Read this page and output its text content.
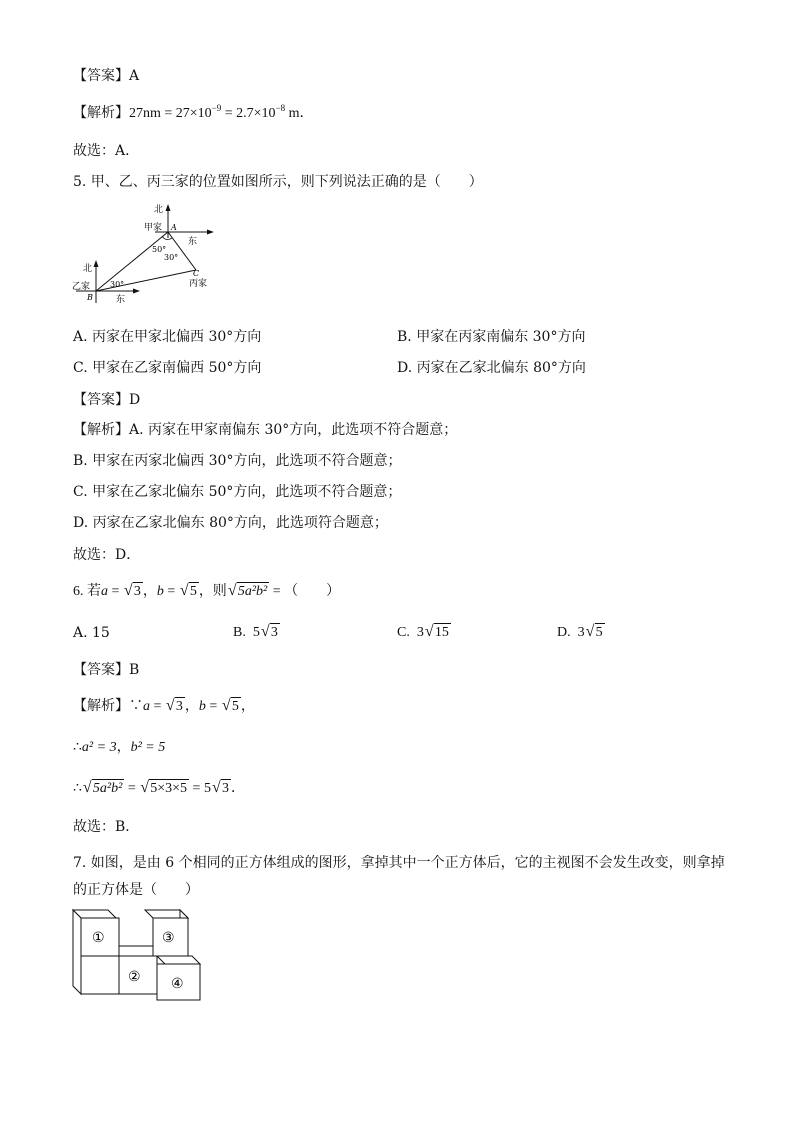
【答案】A
【解析】$27nm = 27\times 10^{-9} = 2.7\times 10^{-8}$ m．
故选：A．
5. 甲、乙、丙三家的位置如图所示，则下列说法正确的是（　　）
北
甲家 A
东
50°
30°
C
丙家
北
乙家 30°
B	东
A. 丙家在甲家北偏西 30°方向	B. 甲家在丙家南偏东 30°方向
C. 甲家在乙家南偏西 50°方向	D. 丙家在乙家北偏东 80°方向
【答案】D
【解析】A. 丙家在甲家南偏东 30°方向，此选项不符合题意；
B. 甲家在丙家北偏西 30°方向，此选项不符合题意；
C. 甲家在乙家北偏东 50°方向，此选项不符合题意；
D. 丙家在乙家北偏东 80°方向，此选项符合题意；
故选：D．
6. 若a = √ 3 ，b = √ 5 ，则 √ 5a²b² = （　　）
A. 15	B. 5 √ 3	C. 3 √ 15	D. 3 √ 5
【答案】B
【解析】∵a = √ 3 ，b = √ 5 ，
∴a² = 3，b² = 5
∴ √ 5a²b² = √ 5×3×5 = 5 √ 3 ．
故选：B．
7. 如图，是由 6 个相同的正方体组成的图形，拿掉其中一个正方体后，它的主视图不会发生改变，则拿掉
的正方体是（　　）
①
②
③
④
